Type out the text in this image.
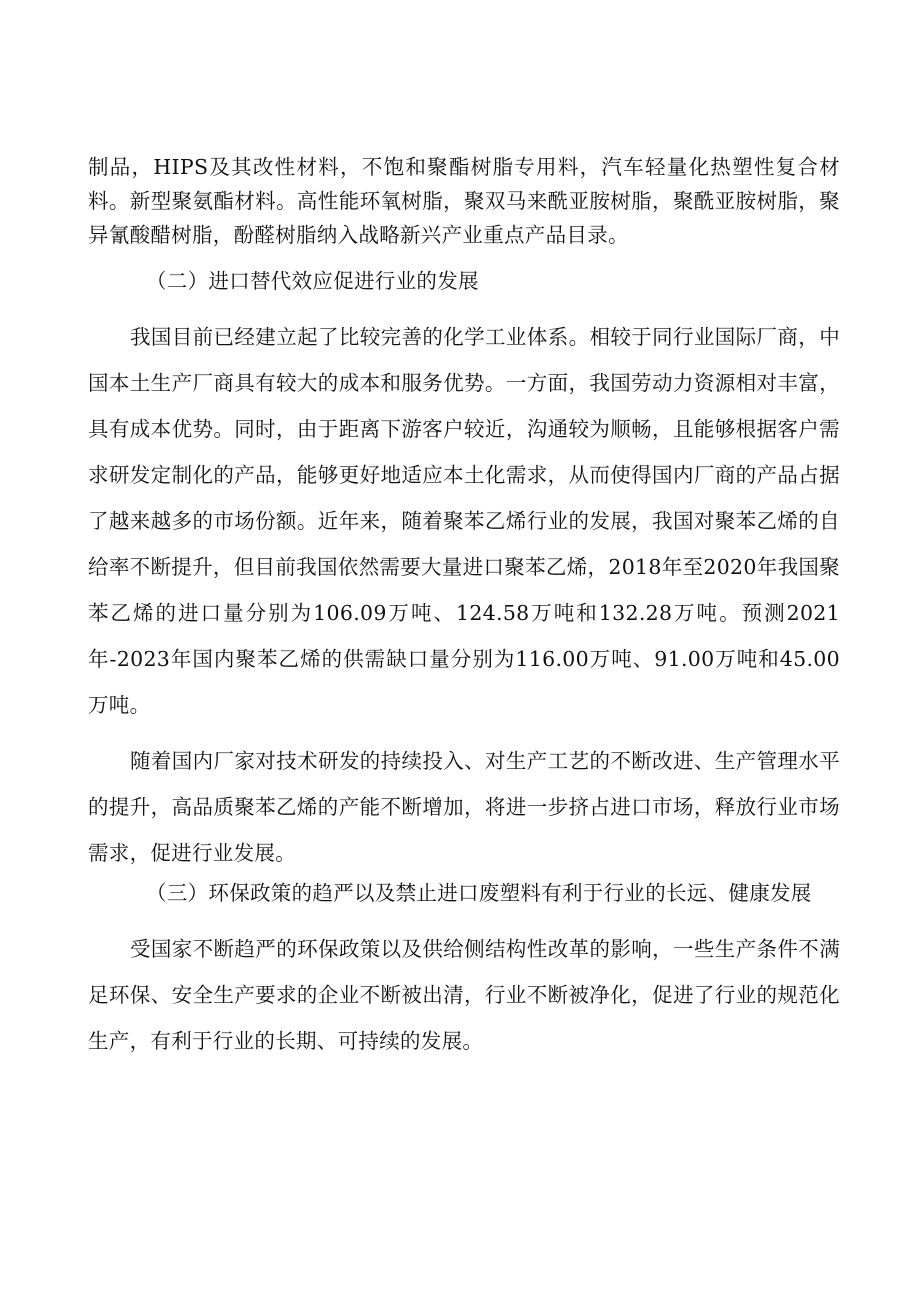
制品，HIPS及其改性材料，不饱和聚酯树脂专用料，汽车轻量化热塑性复合材料。新型聚氨酯材料。高性能环氧树脂，聚双马来酰亚胺树脂，聚酰亚胺树脂，聚异氰酸醋树脂，酚醛树脂纳入战略新兴产业重点产品目录。

（二）进口替代效应促进行业的发展

我国目前已经建立起了比较完善的化学工业体系。相较于同行业国际厂商，中国本土生产厂商具有较大的成本和服务优势。一方面，我国劳动力资源相对丰富，具有成本优势。同时，由于距离下游客户较近，沟通较为顺畅，且能够根据客户需求研发定制化的产品，能够更好地适应本土化需求，从而使得国内厂商的产品占据了越来越多的市场份额。近年来，随着聚苯乙烯行业的发展，我国对聚苯乙烯的自给率不断提升，但目前我国依然需要大量进口聚苯乙烯，2018年至2020年我国聚苯乙烯的进口量分别为106.09万吨、124.58万吨和132.28万吨。预测2021年-2023年国内聚苯乙烯的供需缺口量分别为116.00万吨、91.00万吨和45.00万吨。

随着国内厂家对技术研发的持续投入、对生产工艺的不断改进、生产管理水平的提升，高品质聚苯乙烯的产能不断增加，将进一步挤占进口市场，释放行业市场需求，促进行业发展。

（三）环保政策的趋严以及禁止进口废塑料有利于行业的长远、健康发展

受国家不断趋严的环保政策以及供给侧结构性改革的影响，一些生产条件不满足环保、安全生产要求的企业不断被出清，行业不断被净化，促进了行业的规范化生产，有利于行业的长期、可持续的发展。
